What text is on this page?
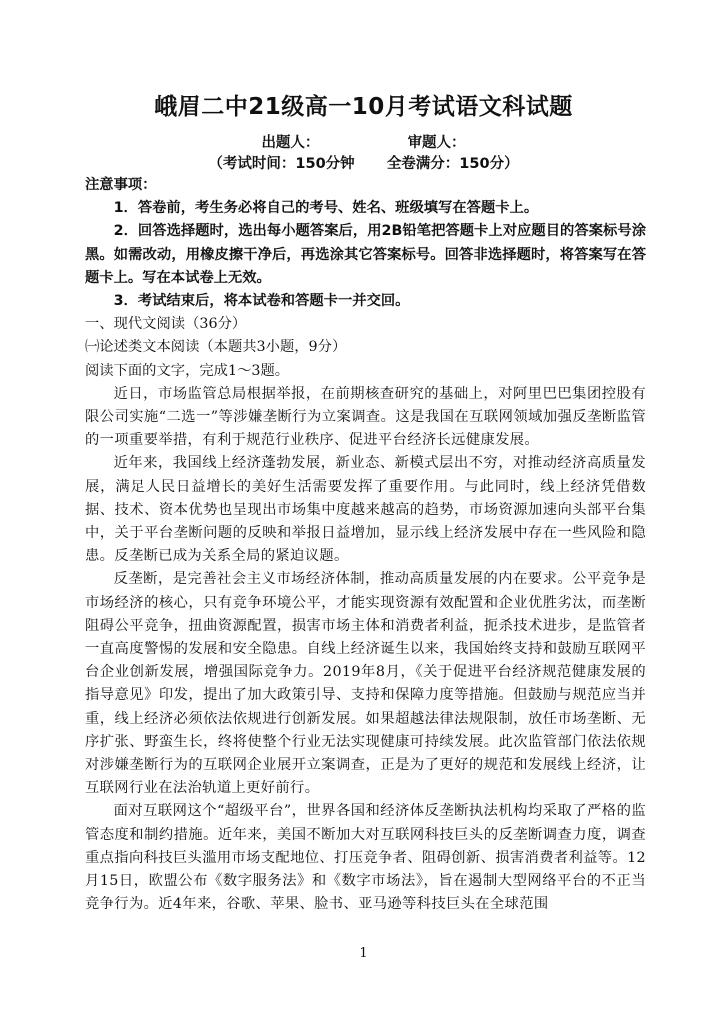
峨眉二中21级高一10月考试语文科试题
出题人：	审题人：
（考试时间：150分钟 全卷满分：150分）

注意事项：

1．答卷前，考生务必将自己的考号、姓名、班级填写在答题卡上。

2．回答选择题时，选出每小题答案后，用2B铅笔把答题卡上对应题目的答案标号涂黑。如需改动，用橡皮擦干净后，再选涂其它答案标号。回答非选择题时，将答案写在答题卡上。写在本试卷上无效。

3．考试结束后，将本试卷和答题卡一并交回。

一、现代文阅读（36分）

㈠论述类文本阅读（本题共3小题，9分）

阅读下面的文字，完成1～3题。

近日，市场监管总局根据举报，在前期核查研究的基础上，对阿里巴巴集团控股有限公司实施“二选一”等涉嫌垄断行为立案调查。这是我国在互联网领域加强反垄断监管的一项重要举措，有利于规范行业秩序、促进平台经济长远健康发展。

近年来，我国线上经济蓬勃发展，新业态、新模式层出不穷，对推动经济高质量发展，满足人民日益增长的美好生活需要发挥了重要作用。与此同时，线上经济凭借数据、技术、资本优势也呈现出市场集中度越来越高的趋势，市场资源加速向头部平台集中，关于平台垄断问题的反映和举报日益增加，显示线上经济发展中存在一些风险和隐患。反垄断已成为关系全局的紧迫议题。

反垄断，是完善社会主义市场经济体制，推动高质量发展的内在要求。公平竞争是市场经济的核心，只有竞争环境公平，才能实现资源有效配置和企业优胜劣汰，而垄断阻碍公平竞争，扭曲资源配置，损害市场主体和消费者利益，扼杀技术进步，是监管者一直高度警惕的发展和安全隐患。自线上经济诞生以来，我国始终支持和鼓励互联网平台企业创新发展，增强国际竞争力。2019年8月，《关于促进平台经济规范健康发展的指导意见》印发，提出了加大政策引导、支持和保障力度等措施。但鼓励与规范应当并重，线上经济必须依法依规进行创新发展。如果超越法律法规限制，放任市场垄断、无序扩张、野蛮生长，终将使整个行业无法实现健康可持续发展。此次监管部门依法依规对涉嫌垄断行为的互联网企业展开立案调查，正是为了更好的规范和发展线上经济，让互联网行业在法治轨道上更好前行。

面对互联网这个“超级平台”，世界各国和经济体反垄断执法机构均采取了严格的监管态度和制约措施。近年来，美国不断加大对互联网科技巨头的反垄断调查力度，调查重点指向科技巨头滥用市场支配地位、打压竞争者、阻碍创新、损害消费者利益等。12月15日，欧盟公布《数字服务法》和《数字市场法》，旨在遏制大型网络平台的不正当竞争行为。近4年来，谷歌、苹果、脸书、亚马逊等科技巨头在全球范围

1
